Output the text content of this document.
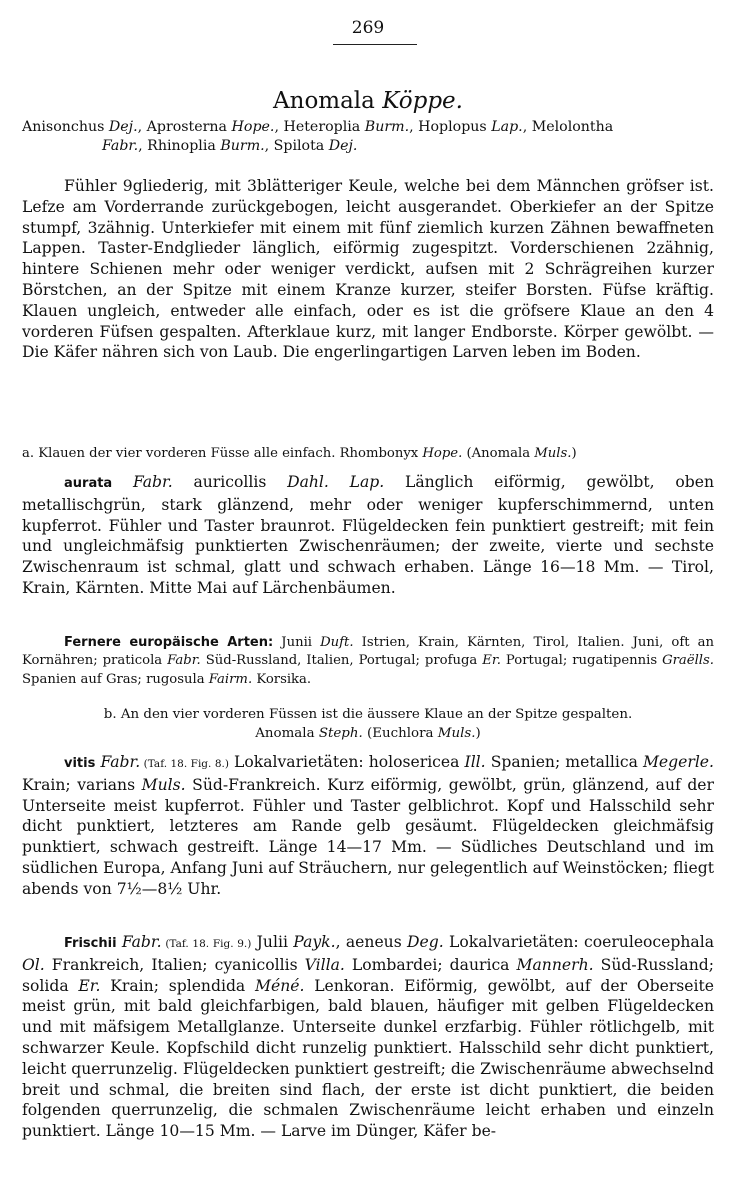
269
Anomala Köppe.
Anisonchus Dej., Aprosterna Hope., Heteroplia Burm., Hoplopus Lap., Melolontha
Fabr., Rhinoplia Burm., Spilota Dej.

Fühler 9gliederig, mit 3blätteriger Keule, welche bei dem Männchen gröfser ist. Lefze am Vorderrande zurückgebogen, leicht ausgerandet. Oberkiefer an der Spitze stumpf, 3zähnig. Unterkiefer mit einem mit fünf ziemlich kurzen Zähnen bewaffneten Lappen. Taster-Endglieder länglich, eiförmig zugespitzt. Vorderschienen 2zähnig, hintere Schienen mehr oder weniger verdickt, aufsen mit 2 Schrägreihen kurzer Börstchen, an der Spitze mit einem Kranze kurzer, steifer Borsten. Füfse kräftig. Klauen ungleich, entweder alle einfach, oder es ist die gröfsere Klaue an den 4 vorderen Füfsen gespalten. Afterklaue kurz, mit langer Endborste. Körper gewölbt. — Die Käfer nähren sich von Laub. Die engerlingartigen Larven leben im Boden.

a. Klauen der vier vorderen Füsse alle einfach. Rhombonyx Hope. (Anomala Muls.)

aurata Fabr. auricollis Dahl. Lap. Länglich eiförmig, gewölbt, oben metallischgrün, stark glänzend, mehr oder weniger kupferschimmernd, unten kupferrot. Fühler und Taster braunrot. Flügeldecken fein punktiert gestreift; mit fein und ungleichmäfsig punktierten Zwischenräumen; der zweite, vierte und sechste Zwischenraum ist schmal, glatt und schwach erhaben. Länge 16—18 Mm. — Tirol, Krain, Kärnten. Mitte Mai auf Lärchenbäumen.

Fernere europäische Arten: Junii Duft. Istrien, Krain, Kärnten, Tirol, Italien. Juni, oft an Kornähren; praticola Fabr. Süd-Russland, Italien, Portugal; profuga Er. Portugal; rugatipennis Graëlls. Spanien auf Gras; rugosula Fairm. Korsika.

b. An den vier vorderen Füssen ist die äussere Klaue an der Spitze gespalten.

Anomala Steph. (Euchlora Muls.)

vitis Fabr. (Taf. 18. Fig. 8.) Lokalvarietäten: holosericea Ill. Spanien; metallica Megerle. Krain; varians Muls. Süd-Frankreich. Kurz eiförmig, gewölbt, grün, glänzend, auf der Unterseite meist kupferrot. Fühler und Taster gelblichrot. Kopf und Halsschild sehr dicht punktiert, letzteres am Rande gelb gesäumt. Flügeldecken gleichmäfsig punktiert, schwach gestreift. Länge 14—17 Mm. — Südliches Deutschland und im südlichen Europa, Anfang Juni auf Sträuchern, nur gelegentlich auf Weinstöcken; fliegt abends von 7½—8½ Uhr.

Frischii Fabr. (Taf. 18. Fig. 9.) Julii Payk., aeneus Deg. Lokalvarietäten: coeruleocephala Ol. Frankreich, Italien; cyanicollis Villa. Lombardei; daurica Mannerh. Süd-Russland; solida Er. Krain; splendida Méné. Lenkoran. Eiförmig, gewölbt, auf der Oberseite meist grün, mit bald gleichfarbigen, bald blauen, häufiger mit gelben Flügeldecken und mit mäfsigem Metallglanze. Unterseite dunkel erzfarbig. Fühler rötlichgelb, mit schwarzer Keule. Kopfschild dicht runzelig punktiert. Halsschild sehr dicht punktiert, leicht querrunzelig. Flügeldecken punktiert gestreift; die Zwischenräume abwechselnd breit und schmal, die breiten sind flach, der erste ist dicht punktiert, die beiden folgenden querrunzelig, die schmalen Zwischenräume leicht erhaben und einzeln punktiert. Länge 10—15 Mm. — Larve im Dünger, Käfer be-
